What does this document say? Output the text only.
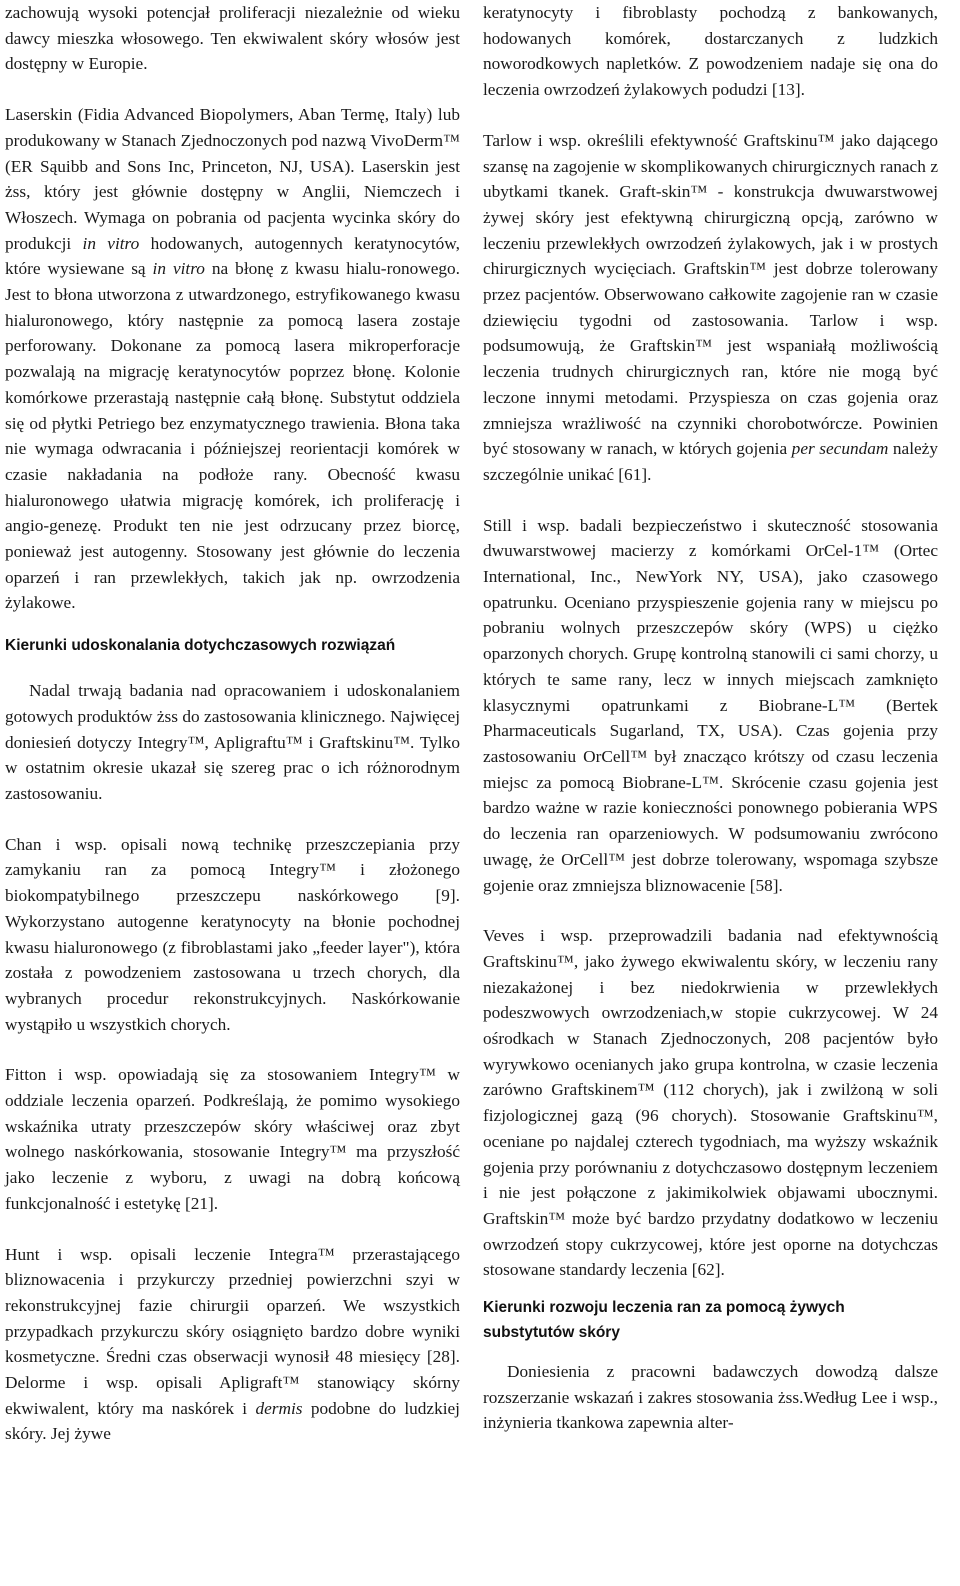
zachowują wysoki potencjał proliferacji niezależnie od wieku dawcy mieszka włosowego. Ten ekwiwalent skóry włosów jest dostępny w Europie.

Laserskin (Fidia Advanced Biopolymers, Aban Termę, Italy) lub produkowany w Stanach Zjednoczonych pod nazwą VivoDerm™ (ER Sąuibb and Sons Inc, Princeton, NJ, USA). Laserskin jest żss, który jest głównie dostępny w Anglii, Niemczech i Włoszech. Wymaga on pobrania od pacjenta wycinka skóry do produkcji in vitro hodowanych, autogennych keratynocytów, które wysiewane są in vitro na błonę z kwasu hialu-ronowego. Jest to błona utworzona z utwardzonego, estryfikowanego kwasu hialuronowego, który następnie za pomocą lasera zostaje perforowany. Dokonane za pomocą lasera mikroperforacje pozwalają na migrację keratynocytów poprzez błonę. Kolonie komórkowe przerastają następnie całą błonę. Substytut oddziela się od płytki Petriego bez enzymatycznego trawienia. Błona taka nie wymaga odwracania i późniejszej reorientacji komórek w czasie nakładania na podłoże rany. Obecność kwasu hialuronowego ułatwia migrację komórek, ich proliferację i angio-genezę. Produkt ten nie jest odrzucany przez biorcę, ponieważ jest autogenny. Stosowany jest głównie do leczenia oparzeń i ran przewlekłych, takich jak np. owrzodzenia żylakowe.

Kierunki udoskonalania dotychczasowych rozwiązań

Nadal trwają badania nad opracowaniem i udoskonalaniem gotowych produktów żss do zastosowania klinicznego. Najwięcej doniesień dotyczy Integry™, Apligraftu™ i Graftskinu™. Tylko w ostatnim okresie ukazał się szereg prac o ich różnorodnym zastosowaniu.

Chan i wsp. opisali nową technikę przeszczepiania przy zamykaniu ran za pomocą Integry™ i złożonego biokompatybilnego przeszczepu naskórkowego [9]. Wykorzystano autogenne keratynocyty na błonie pochodnej kwasu hialuronowego (z fibroblastami jako „feeder layer"), która została z powodzeniem zastosowana u trzech chorych, dla wybranych procedur rekonstrukcyjnych. Naskórkowanie wystąpiło u wszystkich chorych.

Fitton i wsp. opowiadają się za stosowaniem Integry™ w oddziale leczenia oparzeń. Podkreślają, że pomimo wysokiego wskaźnika utraty przeszczepów skóry właściwej oraz zbyt wolnego naskórkowania, stosowanie Integry™ ma przyszłość jako leczenie z wyboru, z uwagi na dobrą końcową funkcjonalność i estetykę [21].

Hunt i wsp. opisali leczenie Integra™ przerastającego bliznowacenia i przykurczy przedniej powierzchni szyi w rekonstrukcyjnej fazie chirurgii oparzeń. We wszystkich przypadkach przykurczu skóry osiągnięto bardzo dobre wyniki kosmetyczne. Średni czas obserwacji wynosił 48 miesięcy [28]. Delorme i wsp. opisali Apligraft™ stanowiący skórny ekwiwalent, który ma naskórek i dermis podobne do ludzkiej skóry. Jej żywe

keratynocyty i fibroblasty pochodzą z bankowanych, hodowanych komórek, dostarczanych z ludzkich noworodkowych napletków. Z powodzeniem nadaje się ona do leczenia owrzodzeń żylakowych podudzi [13].

Tarlow i wsp. określili efektywność Graftskinu™ jako dającego szansę na zagojenie w skomplikowanych chirurgicznych ranach z ubytkami tkanek. Graft-skin™ - konstrukcja dwuwarstwowej żywej skóry jest efektywną chirurgiczną opcją, zarówno w leczeniu przewlekłych owrzodzeń żylakowych, jak i w prostych chirurgicznych wycięciach. Graftskin™ jest dobrze tolerowany przez pacjentów. Obserwowano całkowite zagojenie ran w czasie dziewięciu tygodni od zastosowania. Tarlow i wsp. podsumowują, że Graftskin™ jest wspaniałą możliwością leczenia trudnych chirurgicznych ran, które nie mogą być leczone innymi metodami. Przyspiesza on czas gojenia oraz zmniejsza wrażliwość na czynniki chorobotwórcze. Powinien być stosowany w ranach, w których gojenia per secundam należy szczególnie unikać [61].

Still i wsp. badali bezpieczeństwo i skuteczność stosowania dwuwarstwowej macierzy z komórkami OrCel-1™ (Ortec International, Inc., NewYork NY, USA), jako czasowego opatrunku. Oceniano przyspieszenie gojenia rany w miejscu po pobraniu wolnych przeszczepów skóry (WPS) u ciężko oparzonych chorych. Grupę kontrolną stanowili ci sami chorzy, u których te same rany, lecz w innych miejscach zamknięto klasycznymi opatrunkami z Biobrane-L™ (Bertek Pharmaceuticals Sugarland, TX, USA). Czas gojenia przy zastosowaniu OrCell™ był znacząco krótszy od czasu leczenia miejsc za pomocą Biobrane-L™. Skrócenie czasu gojenia jest bardzo ważne w razie konieczności ponownego pobierania WPS do leczenia ran oparzeniowych. W podsumowaniu zwrócono uwagę, że OrCell™ jest dobrze tolerowany, wspomaga szybsze gojenie oraz zmniejsza bliznowacenie [58].

Veves i wsp. przeprowadzili badania nad efektywnością Graftskinu™, jako żywego ekwiwalentu skóry, w leczeniu rany niezakażonej i bez niedokrwienia w przewlekłych podeszwowych owrzodzeniach,w stopie cukrzycowej. W 24 ośrodkach w Stanach Zjednoczonych, 208 pacjentów było wyrywkowo ocenianych jako grupa kontrolna, w czasie leczenia zarówno Graftskinem™ (112 chorych), jak i zwilżoną w soli fizjologicznej gazą (96 chorych). Stosowanie Graftskinu™, oceniane po najdalej czterech tygodniach, ma wyższy wskaźnik gojenia przy porównaniu z dotychczasowo dostępnym leczeniem i nie jest połączone z jakimikolwiek objawami ubocznymi. Graftskin™ może być bardzo przydatny dodatkowo w leczeniu owrzodzeń stopy cukrzycowej, które jest oporne na dotychczas stosowane standardy leczenia [62].

Kierunki rozwoju leczenia ran za pomocą żywych substytutów skóry

Doniesienia z pracowni badawczych dowodzą dalsze rozszerzanie wskazań i zakres stosowania żss.Według Lee i wsp., inżynieria tkankowa zapewnia alter-
